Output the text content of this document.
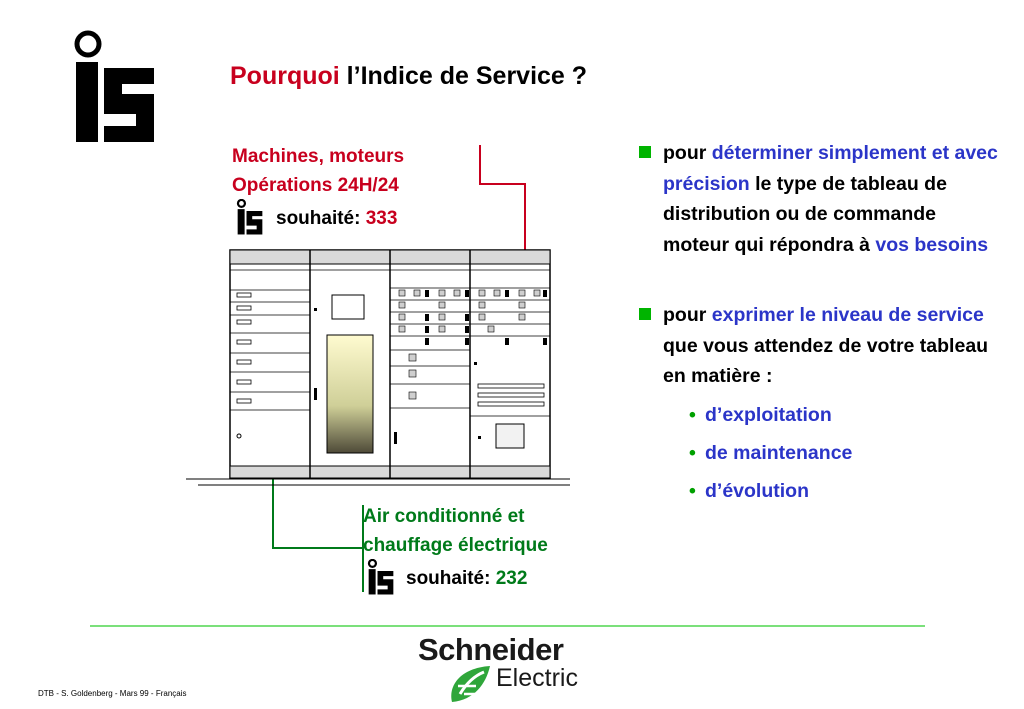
Pourquoi l’Indice de Service ?
Machines, moteurs
Opérations 24H/24
souhaité: 333
Air conditionné et
chauffage électrique
souhaité: 232
pour déterminer simplement et avec précision le type de tableau de distribution ou de commande moteur qui répondra à vos besoins
pour exprimer le niveau de service que vous attendez de votre tableau en matière :
• d’exploitation
• de maintenance
• d’évolution
Schneider
Electric
DTB - S. Goldenberg - Mars 99 - Français
